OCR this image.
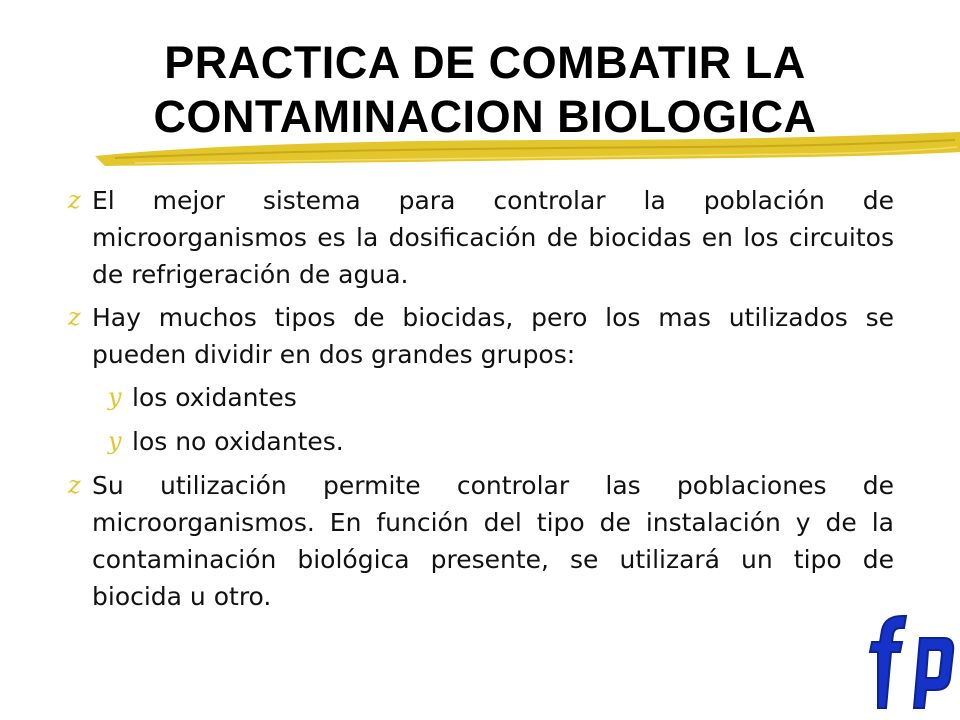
PRACTICA DE COMBATIR LA
CONTAMINACION BIOLOGICA
z El mejor sistema para controlar la población de microorganismos es la dosificación de biocidas en los circuitos de refrigeración de agua.
z Hay muchos tipos de biocidas, pero los mas utilizados se pueden dividir en dos grandes grupos:
y los oxidantes
y los no oxidantes.
z Su utilización permite controlar las poblaciones de microorganismos. En función del tipo de instalación y de la contaminación biológica presente, se utilizará un tipo de biocida u otro.
